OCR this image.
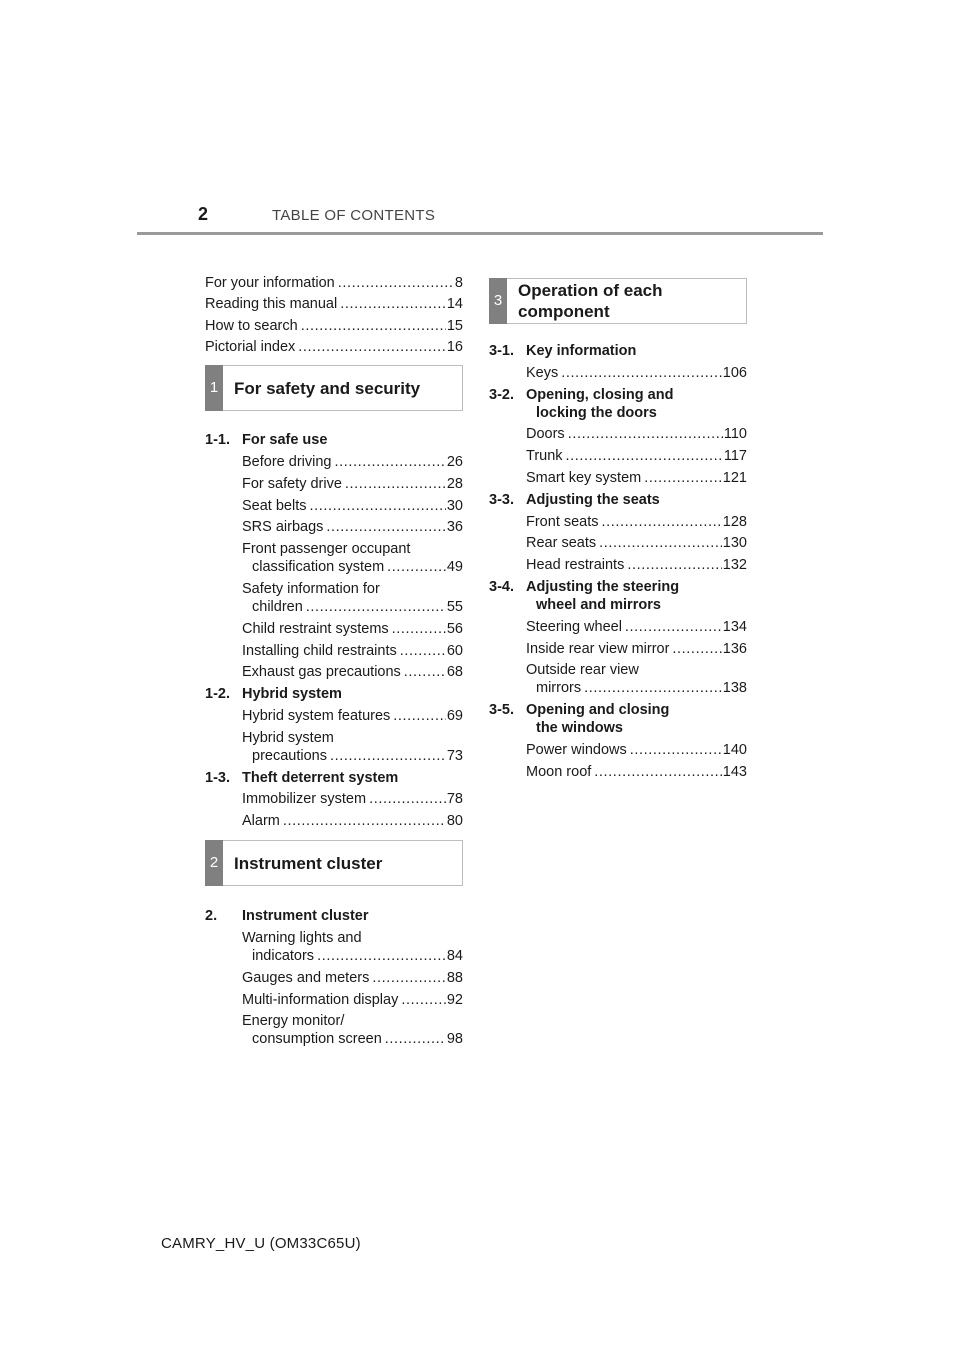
2	TABLE OF CONTENTS
For your information .....	8
Reading this manual .....	14
How to search .....	15
Pictorial index .....	16
1 For safety and security
1-1. For safe use
Before driving .....	26
For safety drive .....	28
Seat belts .....	30
SRS airbags .....	36
Front passenger occupant
classification system .....	49
Safety information for
children .....	55
Child restraint systems .....	56
Installing child restraints .....	60
Exhaust gas precautions .....	68
1-2. Hybrid system
Hybrid system features .....	69
Hybrid system
precautions .....	73
1-3. Theft deterrent system
Immobilizer system .....	78
Alarm .....	80
2 Instrument cluster
2.	Instrument cluster
Warning lights and
indicators .....	84
Gauges and meters .....	88
Multi-information display .....	92
Energy monitor/
consumption screen .....	98
3
Operation of each
component
3-1. Key information
Keys .....	106
3-2. Opening, closing and
locking the doors
Doors .....	110
Trunk .....	117
Smart key system .....	121
3-3. Adjusting the seats
Front seats .....	128
Rear seats .....	130
Head restraints .....	132
3-4. Adjusting the steering
wheel and mirrors
Steering wheel .....	134
Inside rear view mirror .....	136
Outside rear view
mirrors .....	138
3-5. Opening and closing
the windows
Power windows .....	140
Moon roof .....	143
CAMRY_HV_U (OM33C65U)
